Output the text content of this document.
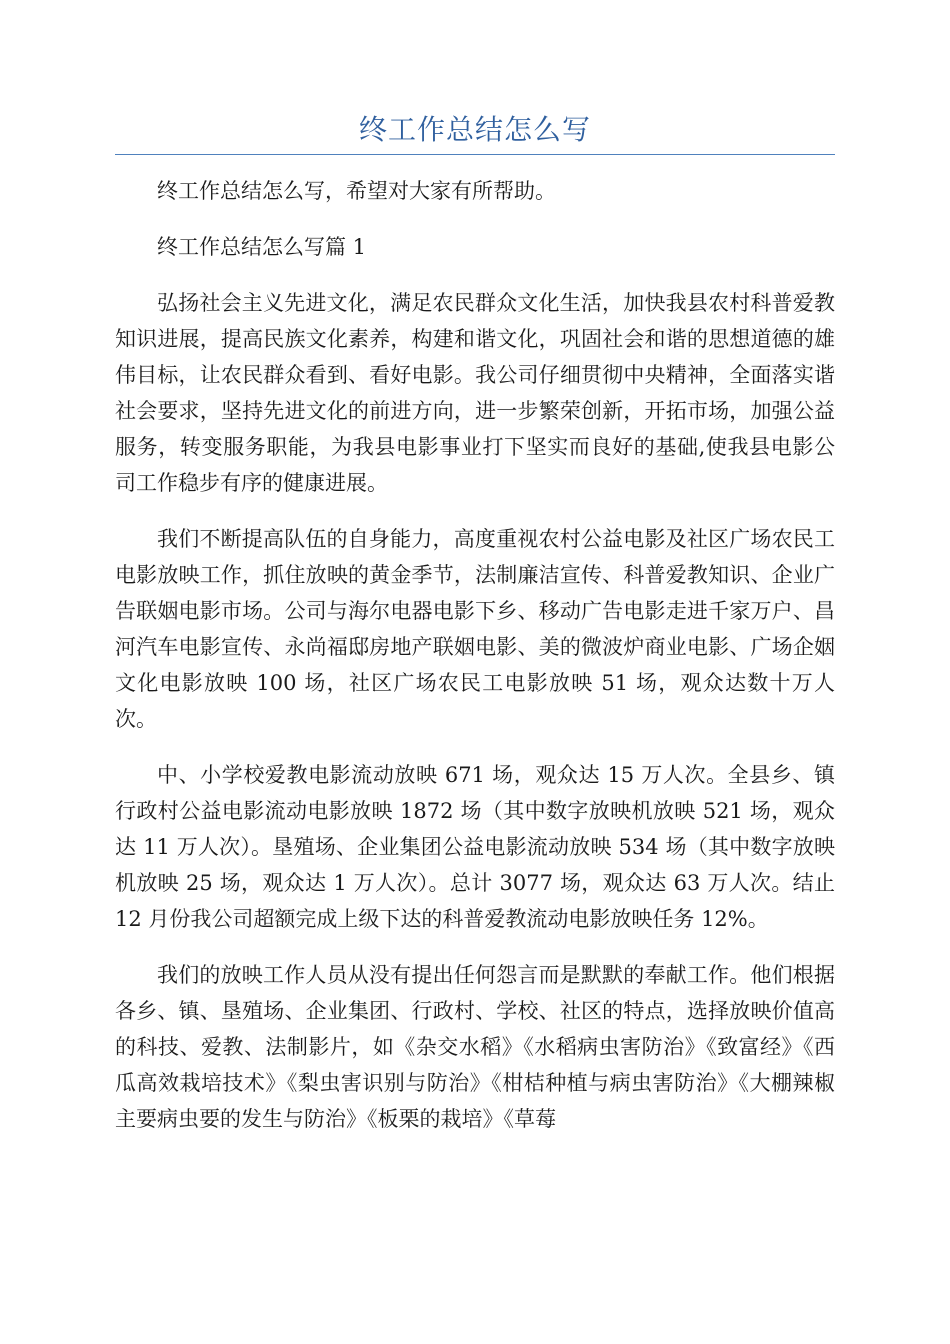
终工作总结怎么写

终工作总结怎么写，希望对大家有所帮助。

终工作总结怎么写篇 1

弘扬社会主义先进文化，满足农民群众文化生活，加快我县农村科普爱教知识进展，提高民族文化素养，构建和谐文化，巩固社会和谐的思想道德的雄伟目标，让农民群众看到、看好电影。我公司仔细贯彻中央精神，全面落实谐社会要求，坚持先进文化的前进方向，进一步繁荣创新，开拓市场，加强公益服务，转变服务职能，为我县电影事业打下坚实而良好的基础,使我县电影公司工作稳步有序的健康进展。

我们不断提高队伍的自身能力，高度重视农村公益电影及社区广场农民工电影放映工作，抓住放映的黄金季节，法制廉洁宣传、科普爱教知识、企业广告联姻电影市场。公司与海尔电器电影下乡、移动广告电影走进千家万户、昌河汽车电影宣传、永尚福邸房地产联姻电影、美的微波炉商业电影、广场企姻文化电影放映 100 场，社区广场农民工电影放映 51 场，观众达数十万人次。

中、小学校爱教电影流动放映 671 场，观众达 15 万人次。全县乡、镇行政村公益电影流动电影放映 1872 场（其中数字放映机放映 521 场，观众达 11 万人次）。垦殖场、企业集团公益电影流动放映 534 场（其中数字放映机放映 25 场，观众达 1 万人次）。总计 3077 场，观众达 63 万人次。结止 12 月份我公司超额完成上级下达的科普爱教流动电影放映任务 12%。

我们的放映工作人员从没有提出任何怨言而是默默的奉献工作。他们根据各乡、镇、垦殖场、企业集团、行政村、学校、社区的特点，选择放映价值高的科技、爱教、法制影片，如《杂交水稻》《水稻病虫害防治》《致富经》《西瓜高效栽培技术》《梨虫害识别与防治》《柑桔种植与病虫害防治》《大棚辣椒主要病虫要的发生与防治》《板栗的栽培》《草莓
